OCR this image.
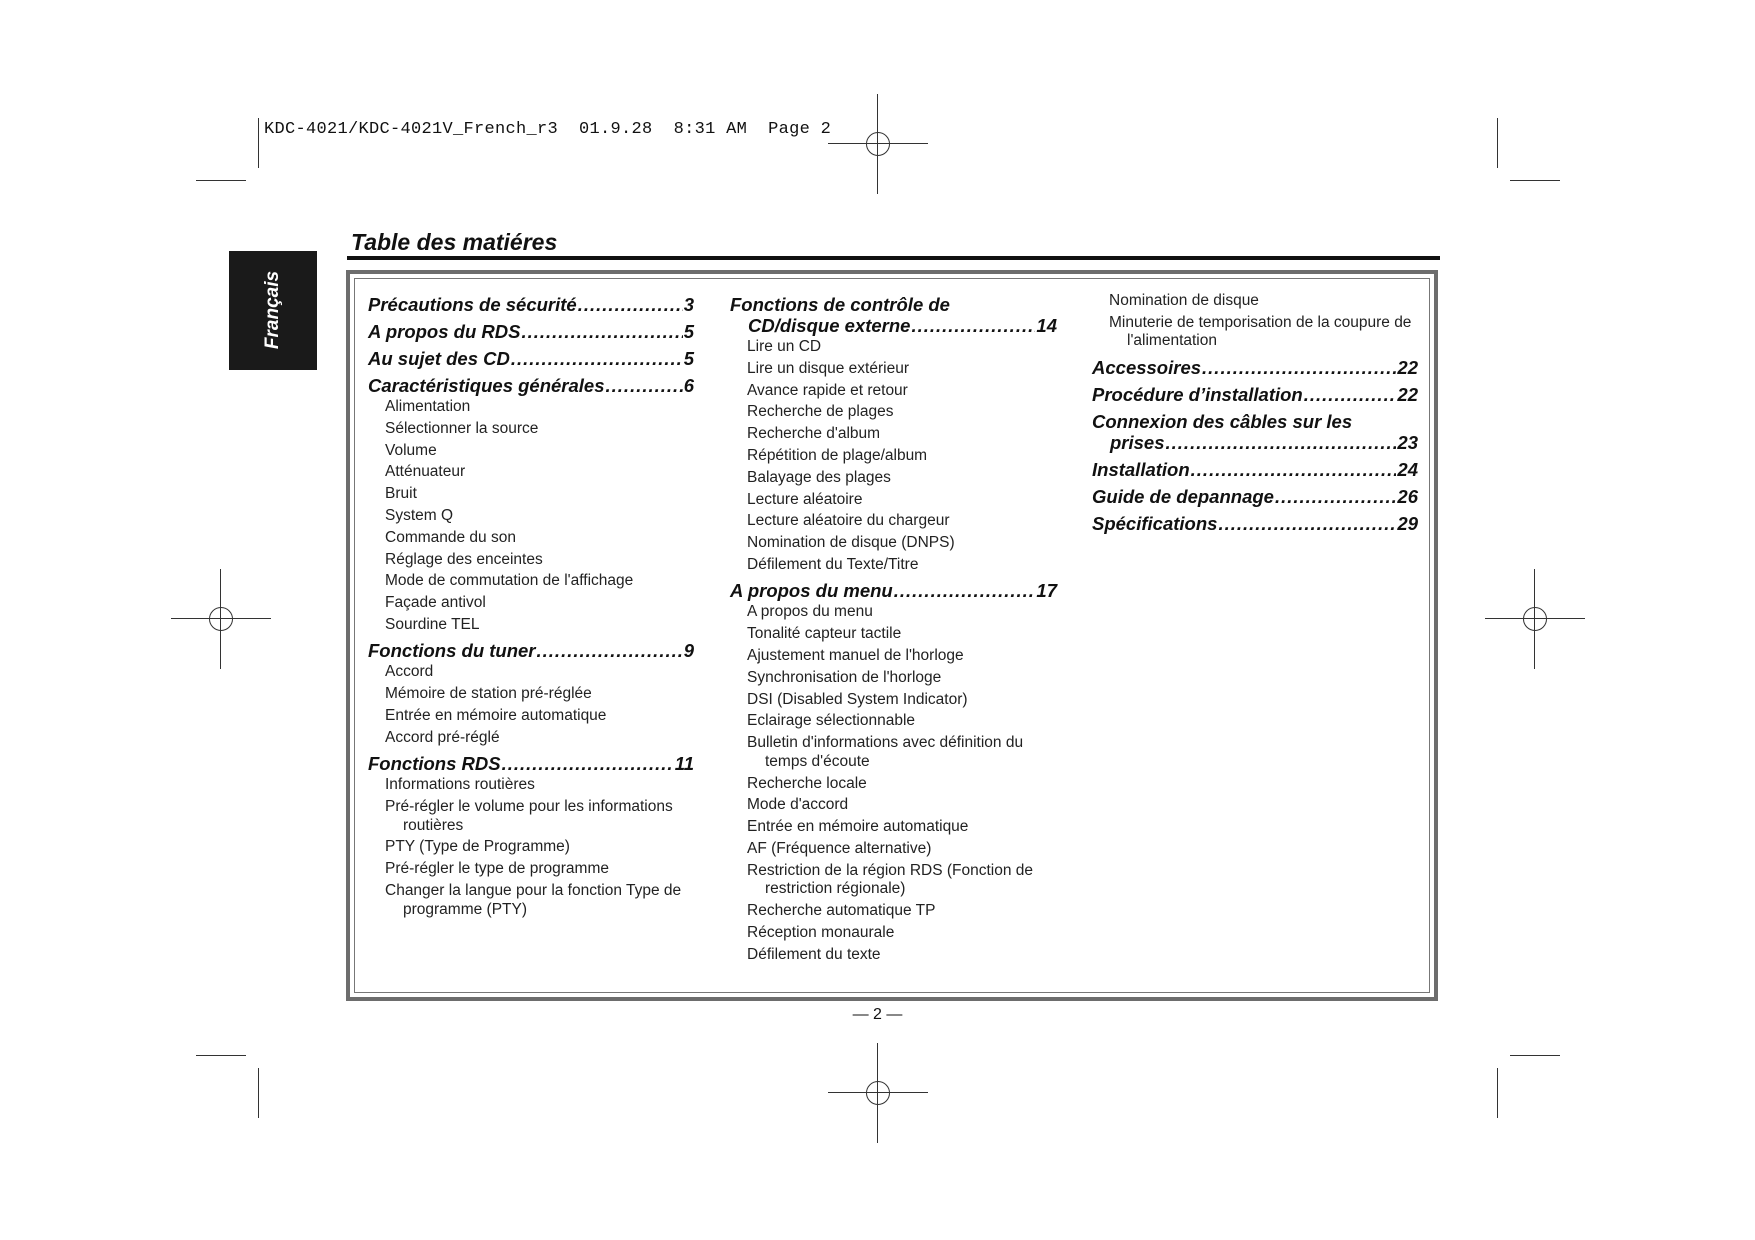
KDC-4021/KDC-4021V_French_r3  01.9.28  8:31 AM  Page 2
Français
Table des matiéres
Précautions de sécurité .....	3
A propos du RDS .....	5
Au sujet des CD .....	5
Caractéristiques générales .....	6
Alimentation
Sélectionner la source
Volume
Atténuateur
Bruit
System Q
Commande du son
Réglage des enceintes
Mode de commutation de l'affichage
Façade antivol
Sourdine TEL
Fonctions du tuner .....	9
Accord
Mémoire de station pré-réglée
Entrée en mémoire automatique
Accord pré-réglé
Fonctions RDS .....	11
Informations routières
Pré-régler le volume pour les informations routières
PTY (Type de Programme)
Pré-régler le type de programme
Changer la langue pour la fonction Type de programme (PTY)
Fonctions de contrôle de
CD/disque externe .....	14
Lire un CD
Lire un disque extérieur
Avance rapide et retour
Recherche de plages
Recherche d'album
Répétition de plage/album
Balayage des plages
Lecture aléatoire
Lecture aléatoire du chargeur
Nomination de disque (DNPS)
Défilement du Texte/Titre
A propos du menu .....	17
A propos du menu
Tonalité capteur tactile
Ajustement manuel de l'horloge
Synchronisation de l'horloge
DSI (Disabled System Indicator)
Eclairage sélectionnable
Bulletin d'informations avec définition du temps d'écoute
Recherche locale
Mode d'accord
Entrée en mémoire automatique
AF (Fréquence alternative)
Restriction de la région RDS (Fonction de restriction régionale)
Recherche automatique TP
Réception monaurale
Défilement du texte
Nomination de disque
Minuterie de temporisation de la coupure de l'alimentation
Accessoires .....	22
Procédure d’installation .....	22
Connexion des câbles sur les
prises .....	23
Installation .....	24
Guide de depannage .....	26
Spécifications .....	29
— 2 —
